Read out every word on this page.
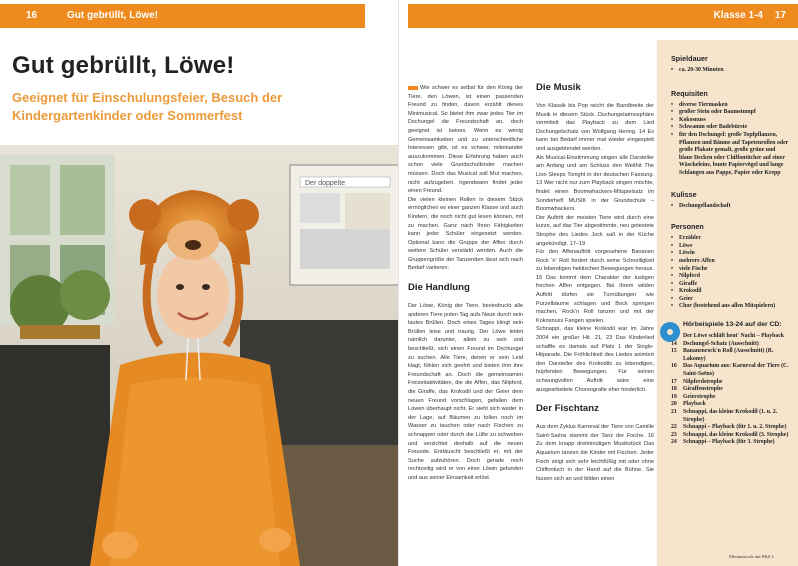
16	Gut gebrüllt, Löwe!
Gut gebrüllt, Löwe!
Geeignet für Einschulungsfeier, Besuch der Kindergartenkinder oder Sommerfest
Der doppelte
Klasse 1-4 17

Wie schwer es selbst für den König der Tiere, den Löwen, ist einen passenden Freund zu finden, davon erzählt dieses Minimusical. So bietet ihm zwar jedes Tier im Dschungel die Freundschaft an, doch geeignet ist keines. Wenn es wenig Gemeinsamkeiten und zu unterschiedliche Interessen gibt, ist es schwer, miteinander auszukommen. Diese Erfahrung haben auch schon viele Grundschulkinder machen müssen. Doch das Musical soll Mut machen, nicht aufzugeben. Irgendwann findet jeder einen Freund.

Die vielen kleinen Rollen in diesem Stück ermöglichen es einer ganzen Klasse und auch Kindern, die noch nicht gut lesen können, mit zu machen. Ganz nach Ihren Fähigkeiten kann jeder Schüler eingesetzt werden. Optional kann die Gruppe der Affen durch weitere Schüler verstärkt werden. Auch die Gruppengröße der Tanzenden lässt sich nach Bedarf variieren.

Die Handlung

Der Löwe, König der Tiere, beeindruckt alle anderen Tiere jeden Tag aufs Neue durch sein lautes Brüllen. Doch eines Tages klingt sein Brüllen leise und traurig. Der Löwe leidet nämlich darunter, allein zu sein und beschließt, sich einen Freund im Dschungel zu suchen. Alle Tiere, denen er sein Leid klagt, fühlen sich geehrt und bieten ihm ihre Freundschaft an. Doch die gemeinsamen Freizeitaktivitäten, die die Affen, das Nilpferd, die Giraffe, das Krokodil und der Geier dem neuen Freund vorschlagen, gefallen dem Löwen überhaupt nicht. Er sieht sich weder in der Lage, auf Bäumen zu tollen noch im Wasser zu tauchen oder nach Fischen zu schnappen oder durch die Lüfte zu schweben und verzichtet deshalb auf die neuen Freunde. Enttäuscht beschließt er, mit der Suche aufzuhören. Doch gerade noch rechtzeitig wird er von einer Löwin gefunden und aus seiner Einsamkeit erlöst.

Die Musik

Von Klassik bis Pop reicht die Bandbreite der Musik in diesem Stück. Dschungelatmosphäre vermittelt das Playback zu dem Lied Dschungelschatz von Wolfgang Hering. 14 Es kann bei Bedarf immer mal wieder eingespielt und ausgeblendet werden.

Als Musical-Einstimmung singen alle Darsteller am Anfang und am Schluss den Welthit The Lion Sleeps Tonight in der deutschen Fassung. 13 Wer nicht nur zum Playback singen möchte, findet einen Boomwhackers-Mitspielsatz im Sonderheft MUSIK in der Grundschule – Boomwhackers.

Der Auftritt der meisten Tiere wird durch eine kurze, auf das Tier abgestimmte, neu getextete Strophe des Liedes Jock saß in der Küche angekündigt. 17–19

Für den Affenauftritt vorgesehene Bananen Rock 'n' Roll fordert durch seine Schnelligkeit zu lebendigen hektischen Bewegungen heraus. 15 Das kommt dem Charakter der lustigen frechen Affen entgegen. Bei Ihrem wilden Auftritt dürfen sie Turnübungen wie Purzelbäume schlagen und Bock springen machen, Rock'n Roll tanzen und mit der Kokosnuss Fangen spielen.

Schnappi, das kleine Krokodil war im Jahre 2004 ein großer Hit. 21, 23 Das Kinderlied schaffte es damals auf Platz 1 der Single-Hitparade. Die Fröhlichkeit des Liedes animiert den Darsteller des Krokodils zu lebendigen, hüpfenden Bewegungen. Für seinen schwungvollen Auftritt wäre eine ausgearbeitete Choreografie eher hinderlich.

Der Fischtanz

Aus dem Zyklus Karneval der Tiere von Camille Saint-Saëns stammt der Tanz der Fische. 16 Zu dem knapp dreiminütigen Musikstück Das Aquarium tanzen die Kinder mit Fischen. Jeder Fisch zeigt sich sehr leichtfüßig mit oder ohne Chiffontuch in der Hand auf die Bühne. Sie fassen sich an und bilden einen

Spieldauer
• ca. 20-30 Minuten
Requisiten
• diverse Tiermasken
• großer Stein oder Baumstumpf
• Kokosnuss
• Schwamm oder Badebürste
• für den Dschungel: große Topfpflanzen, Pflanzen und Bäume auf Tapetenrollen oder große Plakate gemalt, große grüne und blaue Decken oder Chiffontücher auf einer Wäscheleine, bunte Papiervögel und lange Schlangen aus Pappe, Papier oder Krepp
Kulisse
• Dschungellandschaft
Personen
• Erzähler
• Löwe
• Löwin
• mehrere Affen
• viele Fische
• Nilpferd
• Giraffe
• Krokodil
• Geier
• Chor (bestehend aus allen Mitspielern)
Hörbeispiele 13-24 auf der CD:
Der Löwe schläft heut' Nacht – Playback
14	Dschungel-Schatz (Ausschnitt)
15	Bananenrock'n Roll (Ausschnitt) (R. Lakomy)
16	Das Aquarium aus: Karneval der Tiere (C. Saint-Saëns)
17	Nilpferdstrophe
18	Giraffenstrophe
19	Geierstrophe
20	Playback
21	Schnappi, das kleine Krokodil (1. u. 2. Strophe)
22	Schnappi – Playback (für 1. u. 2. Strophe)
23	Schnappi, das kleine Krokodil (3. Strophe)
24	Schnappi – Playback (für 3. Strophe)
Minimusicals mit P&S 2
